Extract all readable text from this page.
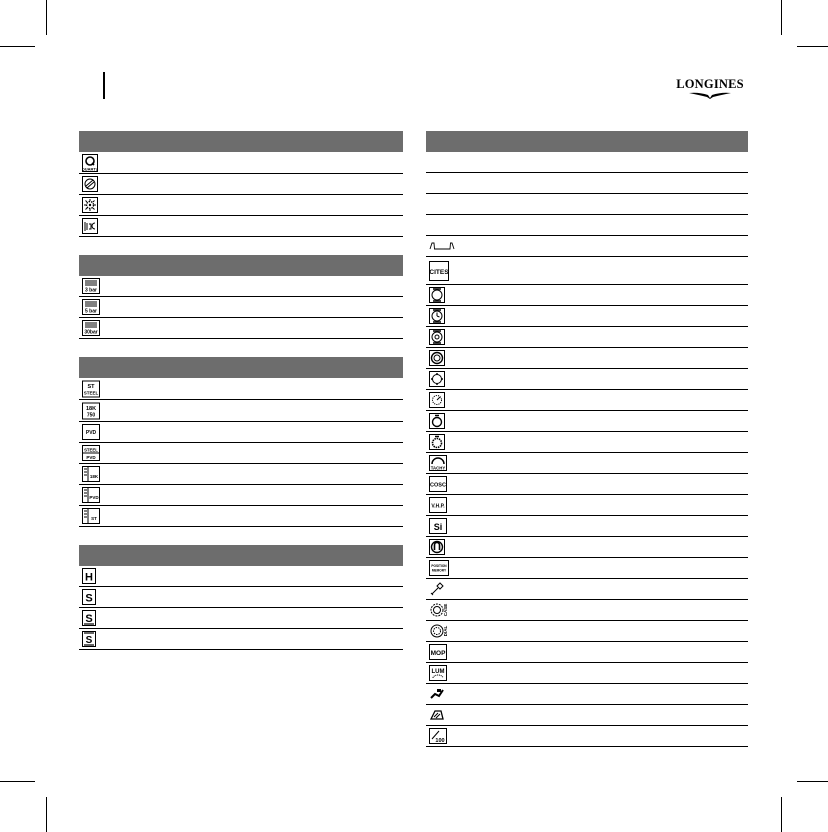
LONGINES
QUARTZ
3 bar
5 bar
30bar
ST
STEEL
18K
750
PVD
STEEL
PVD
18K
PVD
ST
H
S
S
S
CITES
TACHY
COSC
V.H.P.
Si
POSITION
MEMORY
CASE
DIAL
MOP
LUM
100
